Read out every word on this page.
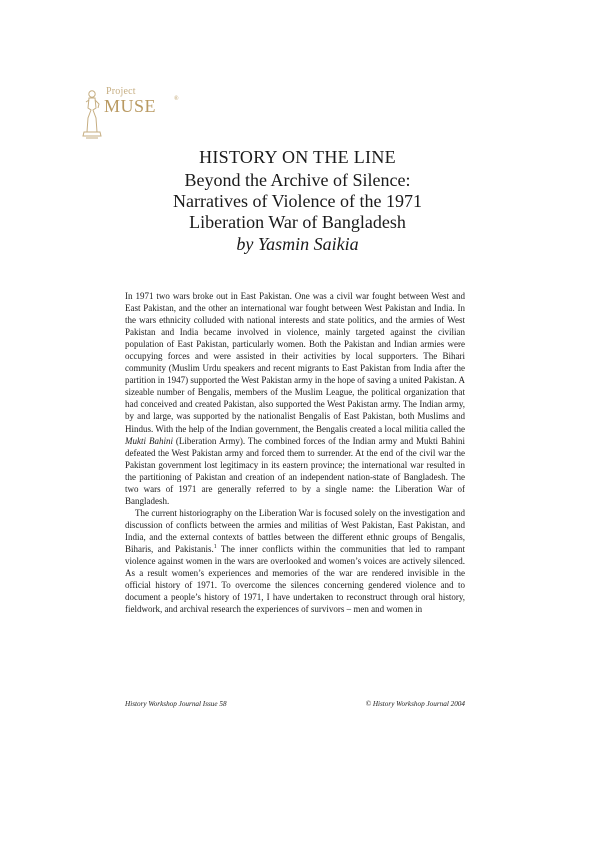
Project
MUSE	®
HISTORY ON THE LINE
Beyond the Archive of Silence:
Narratives of Violence of the 1971
Liberation War of Bangladesh
by Yasmin Saikia

In 1971 two wars broke out in East Pakistan. One was a civil war fought between West and East Pakistan, and the other an international war fought between West Pakistan and India. In the wars ethnicity colluded with national interests and state politics, and the armies of West Pakistan and India became involved in violence, mainly targeted against the civilian population of East Pakistan, particularly women. Both the Pakistan and Indian armies were occupying forces and were assisted in their activities by local supporters. The Bihari community (Muslim Urdu speakers and recent migrants to East Pakistan from India after the partition in 1947) supported the West Pakistan army in the hope of saving a united Pakistan. A sizeable number of Bengalis, members of the Muslim League, the political organization that had conceived and created Pakistan, also supported the West Pakistan army. The Indian army, by and large, was supported by the nationalist Bengalis of East Pakistan, both Muslims and Hindus. With the help of the Indian government, the Bengalis created a local militia called the Mukti Bahini (Liberation Army). The combined forces of the Indian army and Mukti Bahini defeated the West Pakistan army and forced them to surrender. At the end of the civil war the Pakistan government lost legitimacy in its eastern province; the international war resulted in the partitioning of Pakistan and creation of an independent nation-state of Bangladesh. The two wars of 1971 are generally referred to by a single name: the Liberation War of Bangladesh.

The current historiography on the Liberation War is focused solely on the investigation and discussion of conflicts between the armies and militias of West Pakistan, East Pakistan, and India, and the external contexts of battles between the different ethnic groups of Bengalis, Biharis, and Pakistanis.$^1$ The inner conflicts within the communities that led to rampant violence against women in the wars are overlooked and women’s voices are actively silenced. As a result women’s experiences and memories of the war are rendered invisible in the official history of 1971. To overcome the silences concerning gendered violence and to document a people’s history of 1971, I have undertaken to reconstruct through oral history, fieldwork, and archival research the experiences of survivors – men and women in

History Workshop Journal Issue 58	© History Workshop Journal 2004
